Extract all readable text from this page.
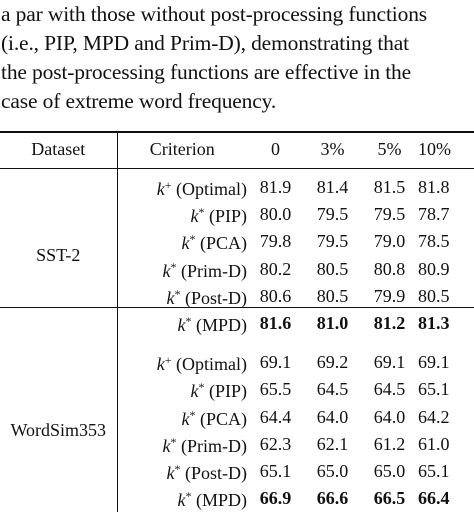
a par with those without post-processing functions
(i.e., PIP, MPD and Prim-D), demonstrating that
the post-processing functions are effective in the
case of extreme word frequency.
Dataset	Criterion	0	3%	5%	10%

SST-2	k+ (Optimal)	81.9	81.4	81.5	81.8
	k* (PIP)	80.0	79.5	79.5	78.7
	k* (PCA)	79.8	79.5	79.0	78.5
	k* (Prim-D)	80.2	80.5	80.8	80.9
	k* (Post-D)	80.6	80.5	79.9	80.5
	k* (MPD)	81.6	81.0	81.2	81.3

WordSim353	k+ (Optimal)	69.1	69.2	69.1	69.1
	k* (PIP)	65.5	64.5	64.5	65.1
	k* (PCA)	64.4	64.0	64.0	64.2
	k* (Prim-D)	62.3	62.1	61.2	61.0
	k* (Post-D)	65.1	65.0	65.0	65.1
	k* (MPD)	66.9	66.6	66.5	66.4
